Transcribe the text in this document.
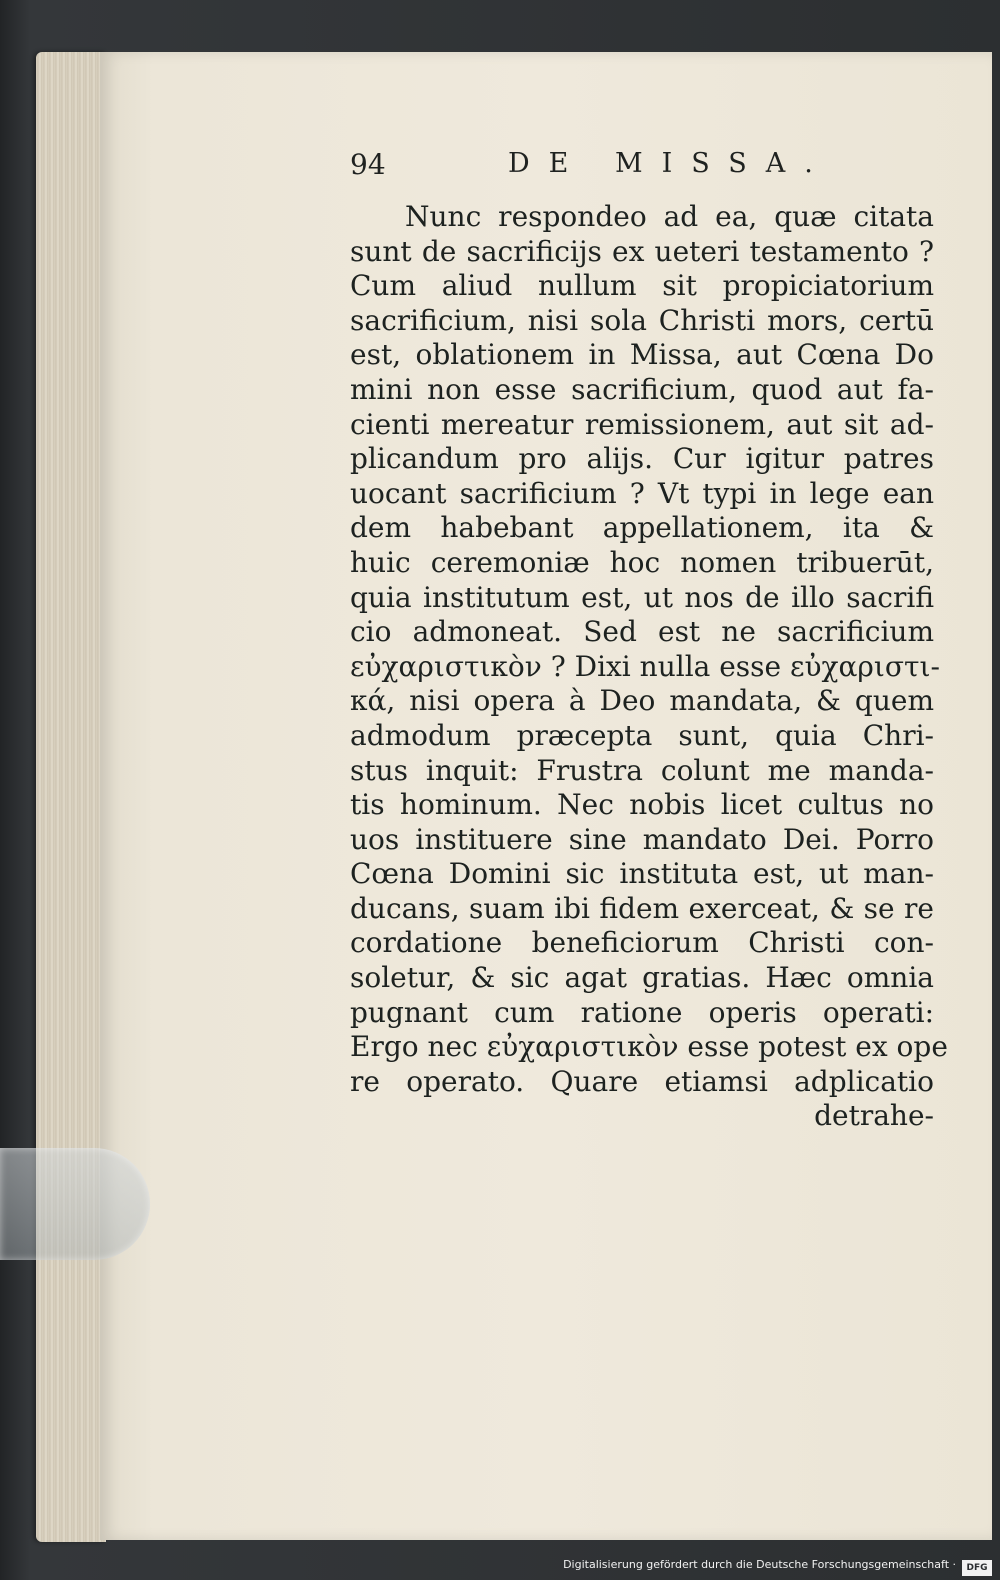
94	DE MISSA.
Nunc respondeo ad ea, quæ citata
sunt de sacrificijs ex ueteri testamento ?
Cum aliud nullum sit propiciatorium
sacrificium, nisi sola Christi mors, certū
est, oblationem in Missa, aut Cœna Do
mini non esse sacrificium, quod aut fa-
cienti mereatur remissionem, aut sit ad-
plicandum pro alijs. Cur igitur patres
uocant sacrificium ? Vt typi in lege ean
dem habebant appellationem, ita &
huic ceremoniæ hoc nomen tribuerūt,
quia institutum est, ut nos de illo sacrifi
cio admoneat. Sed est ne sacrificium
εὐχαριστικὸν ? Dixi nulla esse εὐχαριστι-
κά, nisi opera à Deo mandata, & quem
admodum præcepta sunt, quia Chri-
stus inquit: Frustra colunt me manda-
tis hominum. Nec nobis licet cultus no
uos instituere sine mandato Dei. Porro
Cœna Domini sic instituta est, ut man-
ducans, suam ibi fidem exerceat, & se re
cordatione beneficiorum Christi con-
soletur, & sic agat gratias. Hæc omnia
pugnant cum ratione operis operati:
Ergo nec εὐχαριστικὸν esse potest ex ope
re operato. Quare etiamsi adplicatio
detrahe-
Digitalisierung gefördert durch die Deutsche Forschungsgemeinschaft ·	DFG
